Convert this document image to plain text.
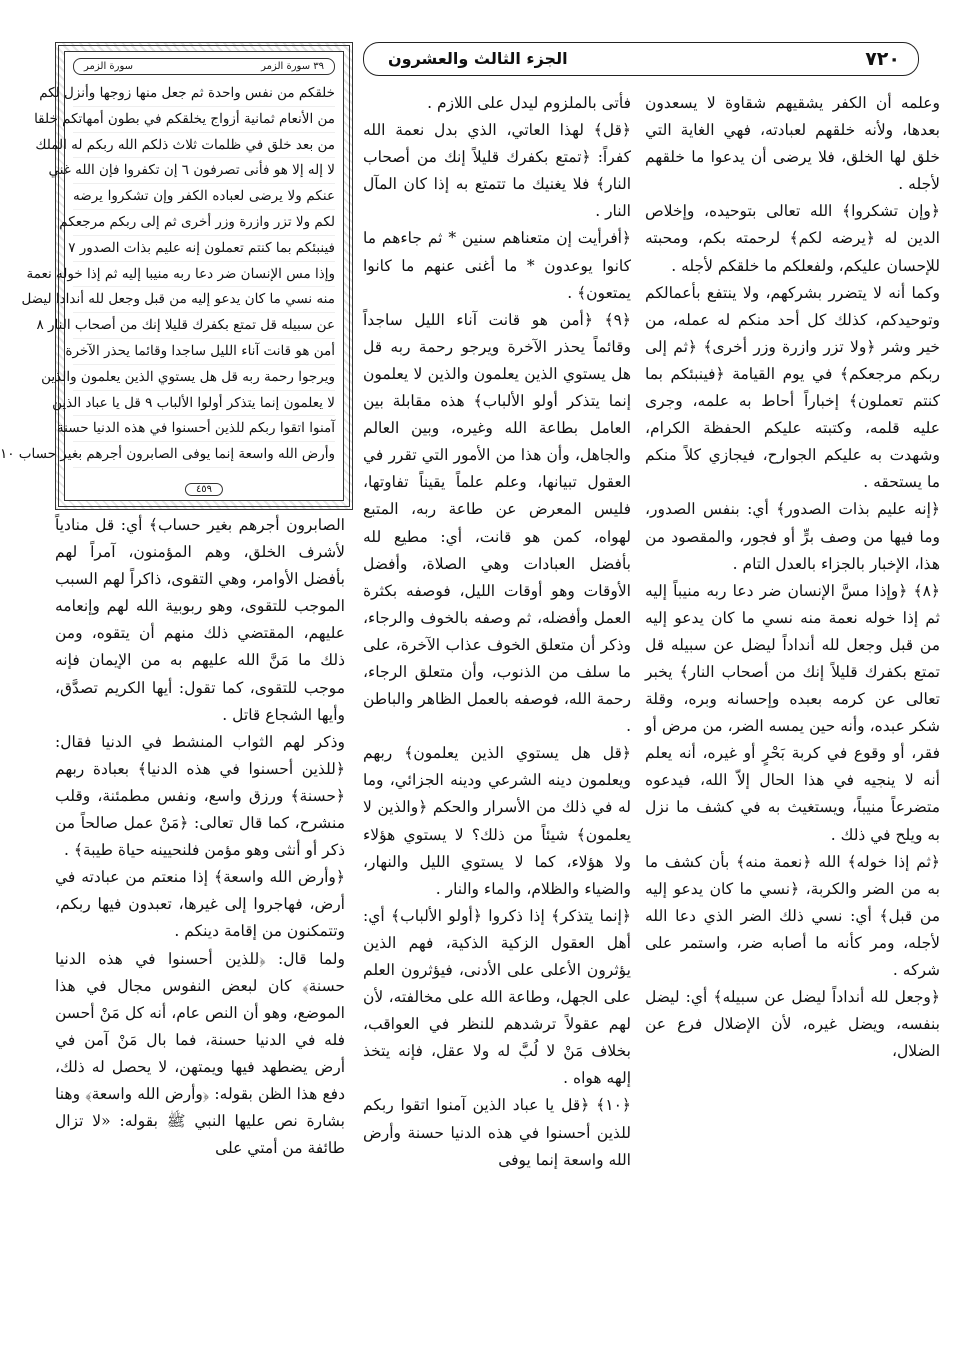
٧٢٠
الجزء الثالث والعشرون
٣٩ سورة الزمر
سورة الزمر
خلقكم من نفس واحدة ثم جعل منها زوجها وأنزل لكم
من الأنعام ثمانية أزواج يخلقكم في بطون أمهاتكم خلقا
من بعد خلق في ظلمات ثلاث ذلكم الله ربكم له الملك
لا إله إلا هو فأنى تصرفون ٦ إن تكفروا فإن الله غني
عنكم ولا يرضى لعباده الكفر وإن تشكروا يرضه
لكم ولا تزر وازرة وزر أخرى ثم إلى ربكم مرجعكم
فينبئكم بما كنتم تعملون إنه عليم بذات الصدور ٧
وإذا مس الإنسان ضر دعا ربه منيبا إليه ثم إذا خوله نعمة
منه نسي ما كان يدعو إليه من قبل وجعل لله أندادا ليضل
عن سبيله قل تمتع بكفرك قليلا إنك من أصحاب النار ٨
أمن هو قانت آناء الليل ساجدا وقائما يحذر الآخرة
ويرجوا رحمة ربه قل هل يستوي الذين يعلمون والذين
لا يعلمون إنما يتذكر أولوا الألباب ٩ قل يا عباد الذين
آمنوا اتقوا ربكم للذين أحسنوا في هذه الدنيا حسنة
وأرض الله واسعة إنما يوفى الصابرون أجرهم بغير حساب ١٠
٤٥٩

وعلمه أن الكفر يشقيهم شقاوة لا يسعدون بعدها، ولأنه خلقهم لعبادته، فهي الغاية التي خلق لها الخلق، فلا يرضى أن يدعوا ما خلقهم لأجله .

﴿وإن تشكروا﴾ الله تعالى بتوحيده، وإخلاص الدين له ﴿يرضه لكم﴾ لرحمته بكم، ومحبته للإحسان عليكم، ولفعلكم ما خلقكم لأجله .

وكما أنه لا يتضرر بشركهم، ولا ينتفع بأعمالكم وتوحيدكم، كذلك كل أحد منكم له عمله، من خير وشر ﴿ولا تزر وازرة وزر أخرى﴾ ﴿ثم إلى ربكم مرجعكم﴾ في يوم القيامة ﴿فينبئكم بما كنتم تعملون﴾ إخباراً أحاط به علمه، وجرى عليه قلمه، وكتبته عليكم الحفظة الكرام، وشهدت به عليكم الجوارح، فيجازي كلاً منكم ما يستحقه .

﴿إنه عليم بذات الصدور﴾ أي: بنفس الصدور، وما فيها من وصف برٍّ أو فجور، والمقصود من هذا، الإخبار بالجزاء بالعدل التام .

﴿٨﴾ ﴿وإذا مسَّ الإنسان ضر دعا ربه منيباً إليه ثم إذا خوله نعمة منه نسي ما كان يدعو إليه من قبل وجعل لله أنداداً ليضل عن سبيله قل تمتع بكفرك قليلاً إنك من أصحاب النار﴾ يخبر تعالى عن كرمه بعبده وإحسانه وبره، وقلة شكر عبده، وأنه حين يمسه الضر، من مرض أو فقر، أو وقوع في كربة بَحْرٍ أو غيره، أنه يعلم أنه لا ينجيه في هذا الحال إلاّ الله، فيدعوه متضرعاً منيباً، ويستغيث به في كشف ما نزل به ويلح في ذلك .

﴿ثم إذا خوله﴾ الله ﴿نعمة منه﴾ بأن كشف ما به من الضر والكربة، ﴿نسي ما كان يدعو إليه من قبل﴾ أي: نسي ذلك الضر الذي دعا الله لأجله، ومر كأنه ما أصابه ضر، واستمر على شركه .

﴿وجعل لله أنداداً ليضل عن سبيله﴾ أي: ليضل بنفسه، ويضل غيره، لأن الإضلال فرع عن الضلال،

فأتى بالملزوم ليدل على اللازم .

﴿قل﴾ لهذا العاتي، الذي بدل نعمة الله كفراً: ﴿تمتع بكفرك قليلاً إنك من أصحاب النار﴾ فلا يغنيك ما تتمتع به إذا كان المآل النار .

﴿أفرأيت إن متعناهم سنين * ثم جاءهم ما كانوا يوعدون * ما أغنى عنهم ما كانوا يمتعون﴾ .

﴿٩﴾ ﴿أمن هو قانت آناء الليل ساجداً وقائماً يحذر الآخرة ويرجو رحمة ربه قل هل يستوي الذين يعلمون والذين لا يعلمون إنما يتذكر أولو الألباب﴾ هذه مقابلة بين العامل بطاعة الله وغيره، وبين العالم والجاهل، وأن هذا من الأمور التي تقرر في العقول تبيانها، وعلم علماً يقيناً تفاوتها، فليس المعرض عن طاعة ربه، المتبع لهواه، كمن هو قانت، أي: مطيع لله بأفضل العبادات وهي الصلاة، وأفضل الأوقات وهو أوقات الليل، فوصفه بكثرة العمل وأفضله، ثم وصفه بالخوف والرجاء، وذكر أن متعلق الخوف عذاب الآخرة، على ما سلف من الذنوب، وأن متعلق الرجاء، رحمة الله، فوصفه بالعمل الظاهر والباطن .

﴿قل هل يستوي الذين يعلمون﴾ ربهم ويعلمون دينه الشرعي ودينه الجزائي، وما له في ذلك من الأسرار والحكم ﴿والذين لا يعلمون﴾ شيئاً من ذلك؟ لا يستوي هؤلاء ولا هؤلاء، كما لا يستوي الليل والنهار، والضياء والظلام، والماء والنار .

﴿إنما يتذكر﴾ إذا ذكروا ﴿أولو الألباب﴾ أي: أهل العقول الزكية الذكية، فهم الذين يؤثرون الأعلى على الأدنى، فيؤثرون العلم على الجهل، وطاعة الله على مخالفته، لأن لهم عقولاً ترشدهم للنظر في العواقب، بخلاف مَنْ لا لُبَّ له ولا عقل، فإنه يتخذ إلهه هواه .

﴿١٠﴾ ﴿قل يا عباد الذين آمنوا اتقوا ربكم للذين أحسنوا في هذه الدنيا حسنة وأرض الله واسعة إنما يوفى

الصابرون أجرهم بغير حساب﴾ أي: قل منادياً لأشرف الخلق، وهم المؤمنون، آمراً لهم بأفضل الأوامر، وهي التقوى، ذاكراً لهم السبب الموجب للتقوى، وهو ربوبية الله لهم وإنعامه عليهم، المقتضي ذلك منهم أن يتقوه، ومن ذلك ما مَنَّ الله عليهم به من الإيمان فإنه موجب للتقوى، كما تقول: أيها الكريم تصدَّق، وأيها الشجاع قاتل .

وذكر لهم الثواب المنشط في الدنيا فقال: ﴿للذين أحسنوا في هذه الدنيا﴾ بعبادة ربهم ﴿حسنة﴾ ورزق واسع، ونفس مطمئنة، وقلب منشرح، كما قال تعالى: ﴿مَنْ عمل صالحاً من ذكر أو أنثى وهو مؤمن فلنحيينه حياة طيبة﴾ .

﴿وأرض الله واسعة﴾ إذا منعتم من عبادته في أرض، فهاجروا إلى غيرها، تعبدون فيها ربكم، وتتمكنون من إقامة دينكم .

ولما قال: ﴿للذين أحسنوا في هذه الدنيا حسنة﴾ كان لبعض النفوس مجال في هذا الموضع، وهو أن النص عام، أنه كل مَنْ أحسن فله في الدنيا حسنة، فما بال مَنْ آمن في أرض يضطهد فيها ويمتهن، لا يحصل له ذلك، دفع هذا الظن بقوله: ﴿وأرض الله واسعة﴾ وهنا بشارة نص عليها النبي ﷺ بقوله: «لا تزال طائفة من أمتي على
